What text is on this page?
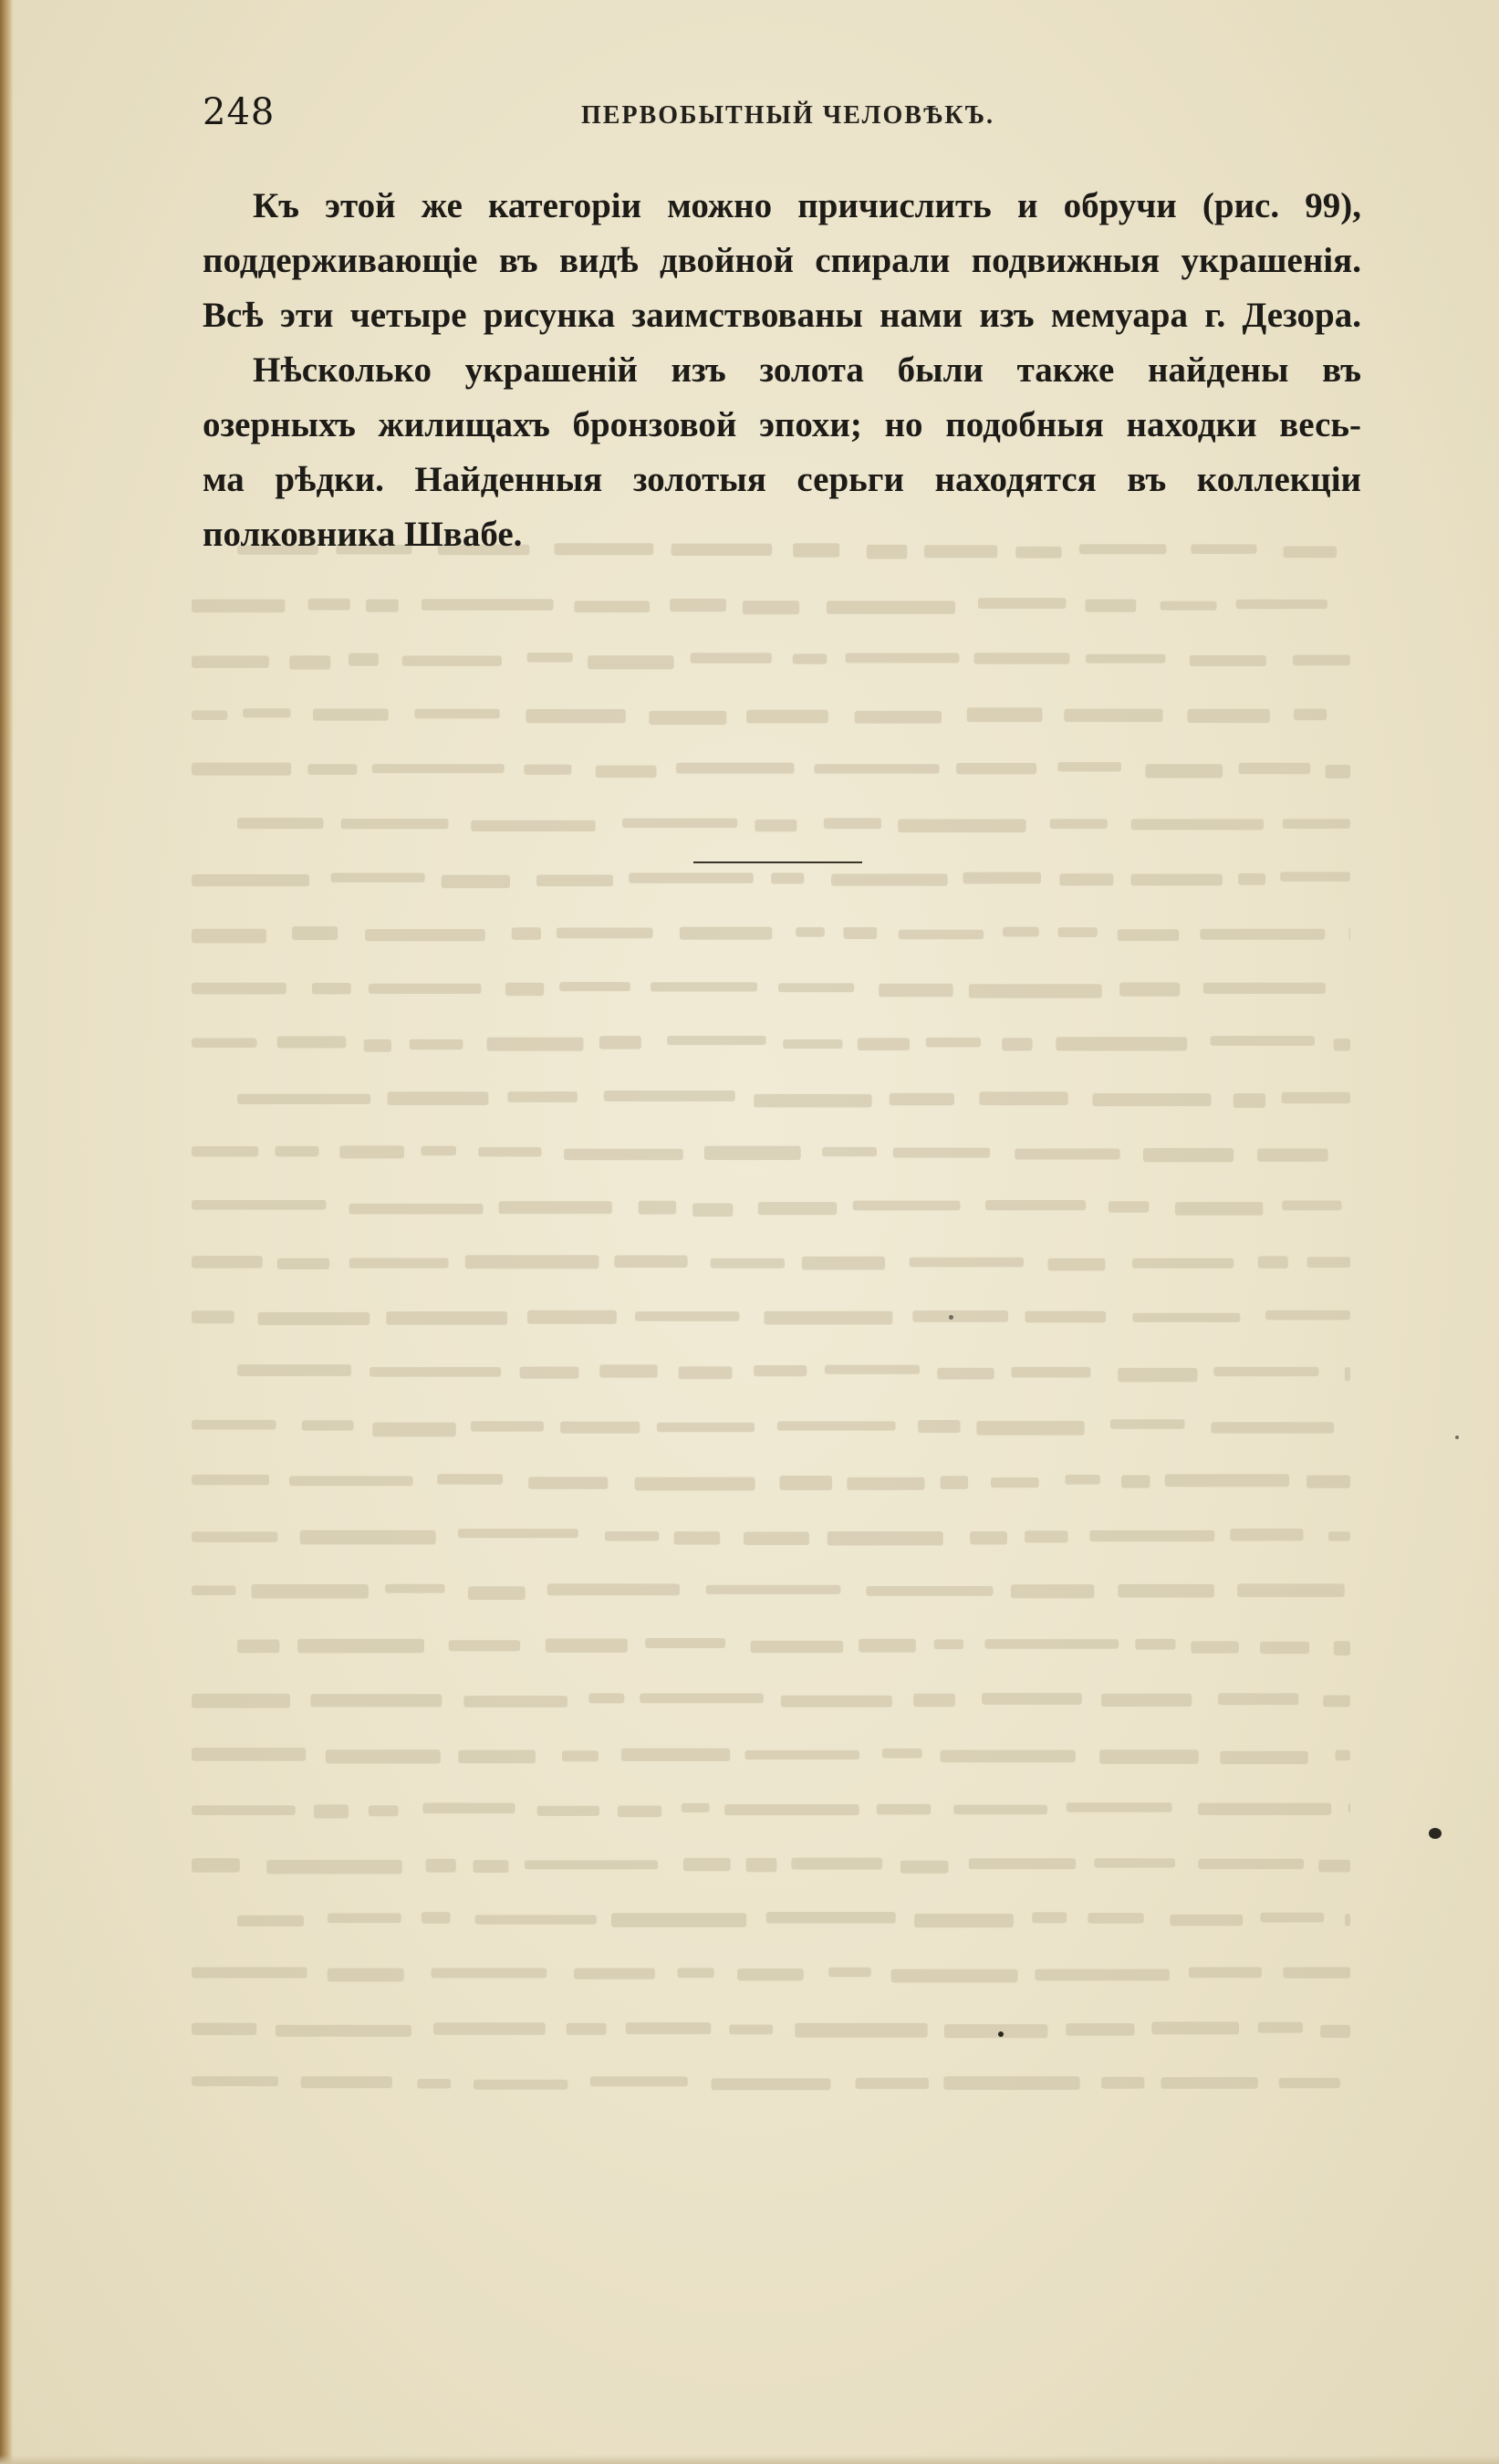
248	ПЕРВОБЫТНЫЙ ЧЕЛОВѢКЪ.
Къ этой же категорiи можно причислить и обручи (рис. 99),
поддерживающiе въ видѣ двойной спирали подвижныя украшенiя.
Всѣ эти четыре рисунка заимствованы нами изъ мемуара г. Дезора.
Нѣсколько украшенiй изъ золота были также найдены въ
озерныхъ жилищахъ бронзовой эпохи; но подобныя находки весь-
ма рѣдки. Найденныя золотыя серьги находятся въ коллекцiи
полковника Швабе.
